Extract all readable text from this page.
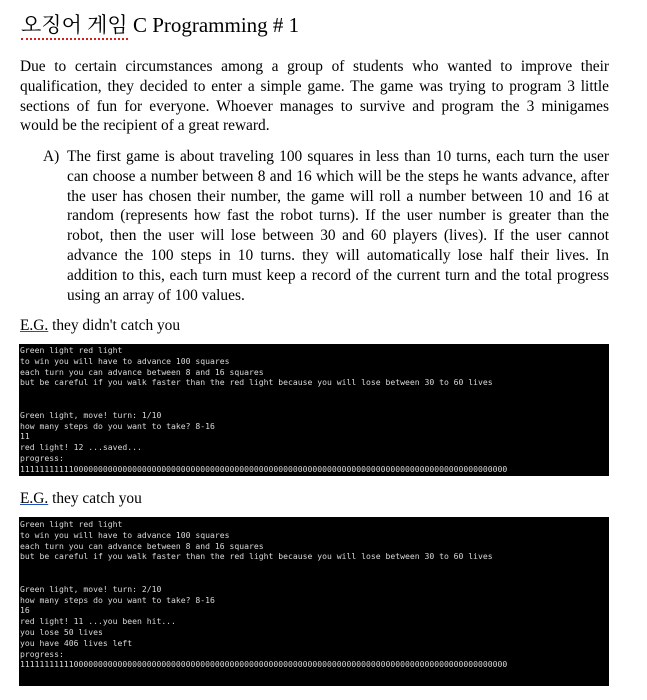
오징어 게임 C Programming # 1
Due to certain circumstances among a group of students who wanted to improve their qualification, they decided to enter a simple game. The game was trying to program 3 little sections of fun for everyone. Whoever manages to survive and program the 3 minigames would be the recipient of a great reward.
A) The first game is about traveling 100 squares in less than 10 turns, each turn the user can choose a number between 8 and 16 which will be the steps he wants advance, after the user has chosen their number, the game will roll a number between 10 and 16 at random (represents how fast the robot turns). If the user number is greater than the robot, then the user will lose between 30 and 60 players (lives). If the user cannot advance the 100 steps in 10 turns. they will automatically lose half their lives. In addition to this, each turn must keep a record of the current turn and the total progress using an array of 100 values.
E.G. they didn't catch you
Green light red light
to win you will have to advance 100 squares
each turn you can advance between 8 and 16 squares
but be careful if you walk faster than the red light because you will lose between 30 to 60 lives
Green light, move! turn: 1/10
how many steps do you want to take? 8-16
11
red light! 12 ...saved...
progress:
1111111111100000000000000000000000000000000000000000000000000000000000000000000000000000000000000000
E.G. they catch you
Green light red light
to win you will have to advance 100 squares
each turn you can advance between 8 and 16 squares
but be careful if you walk faster than the red light because you will lose between 30 to 60 lives
Green light, move! turn: 2/10
how many steps do you want to take? 8-16
16
red light! 11 ...you been hit...
you lose 50 lives
you have 406 lives left
progress:
1111111111100000000000000000000000000000000000000000000000000000000000000000000000000000000000000000
